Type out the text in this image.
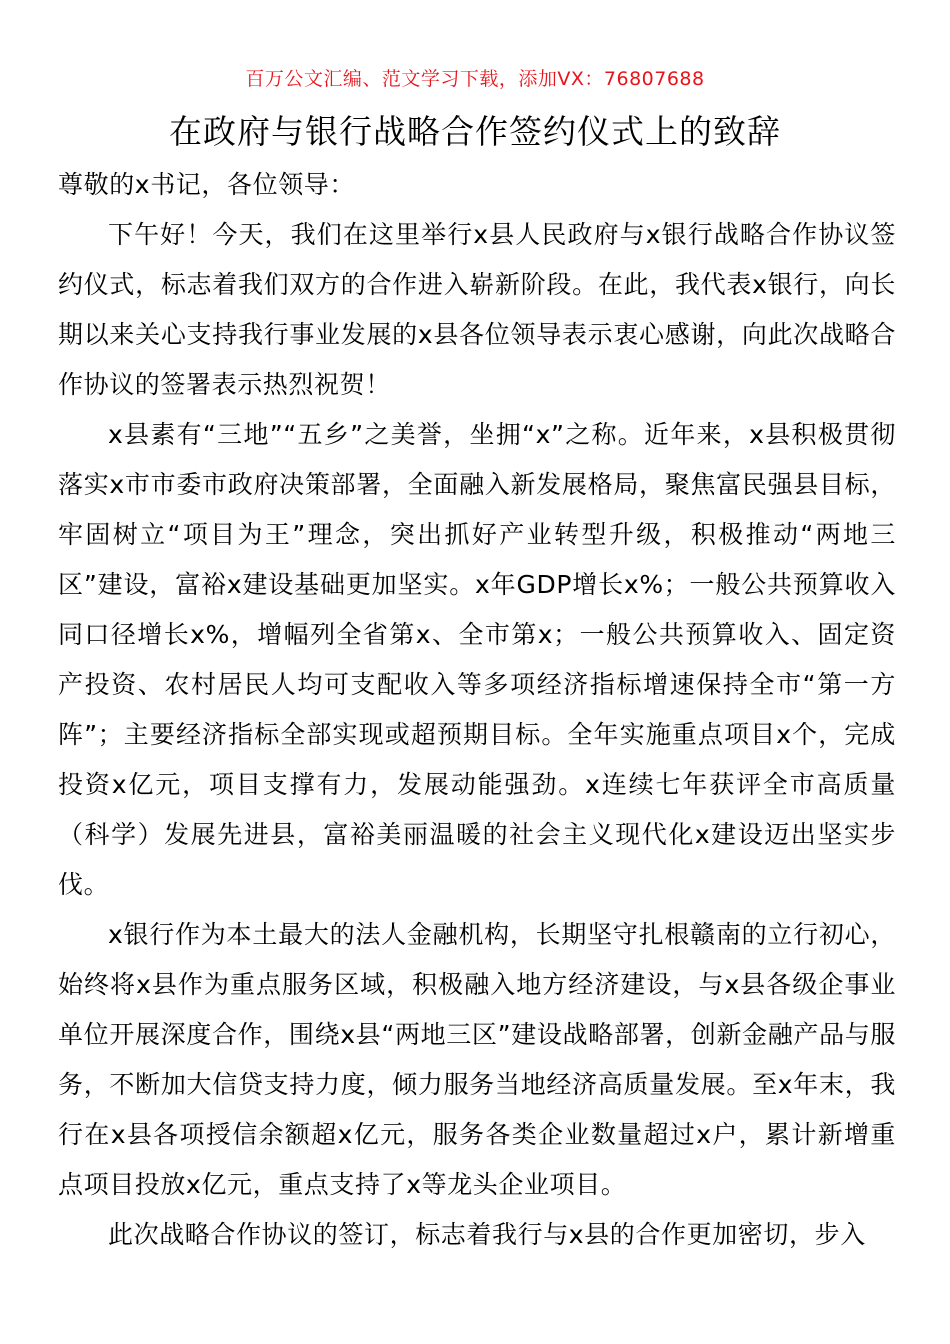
百万公文汇编、范文学习下载，添加VX：76807688
在政府与银行战略合作签约仪式上的致辞

尊敬的x书记，各位领导：

下午好！今天，我们在这里举行x县人民政府与x银行战略合作协议签约仪式，标志着我们双方的合作进入崭新阶段。在此，我代表x银行，向长期以来关心支持我行事业发展的x县各位领导表示衷心感谢，向此次战略合作协议的签署表示热烈祝贺！

x县素有“三地”“五乡”之美誉，坐拥“x”之称。近年来，x县积极贯彻落实x市市委市政府决策部署，全面融入新发展格局，聚焦富民强县目标，牢固树立“项目为王”理念，突出抓好产业转型升级，积极推动“两地三区”建设，富裕x建设基础更加坚实。x年GDP增长x%；一般公共预算收入同口径增长x%，增幅列全省第x、全市第x；一般公共预算收入、固定资产投资、农村居民人均可支配收入等多项经济指标增速保持全市“第一方阵”；主要经济指标全部实现或超预期目标。全年实施重点项目x个，完成投资x亿元，项目支撑有力，发展动能强劲。x连续七年获评全市高质量（科学）发展先进县，富裕美丽温暖的社会主义现代化x建设迈出坚实步伐。

x银行作为本土最大的法人金融机构，长期坚守扎根赣南的立行初心，始终将x县作为重点服务区域，积极融入地方经济建设，与x县各级企事业单位开展深度合作，围绕x县“两地三区”建设战略部署，创新金融产品与服务，不断加大信贷支持力度，倾力服务当地经济高质量发展。至x年末，我行在x县各项授信余额超x亿元，服务各类企业数量超过x户，累计新增重点项目投放x亿元，重点支持了x等龙头企业项目。

此次战略合作协议的签订，标志着我行与x县的合作更加密切，步入
